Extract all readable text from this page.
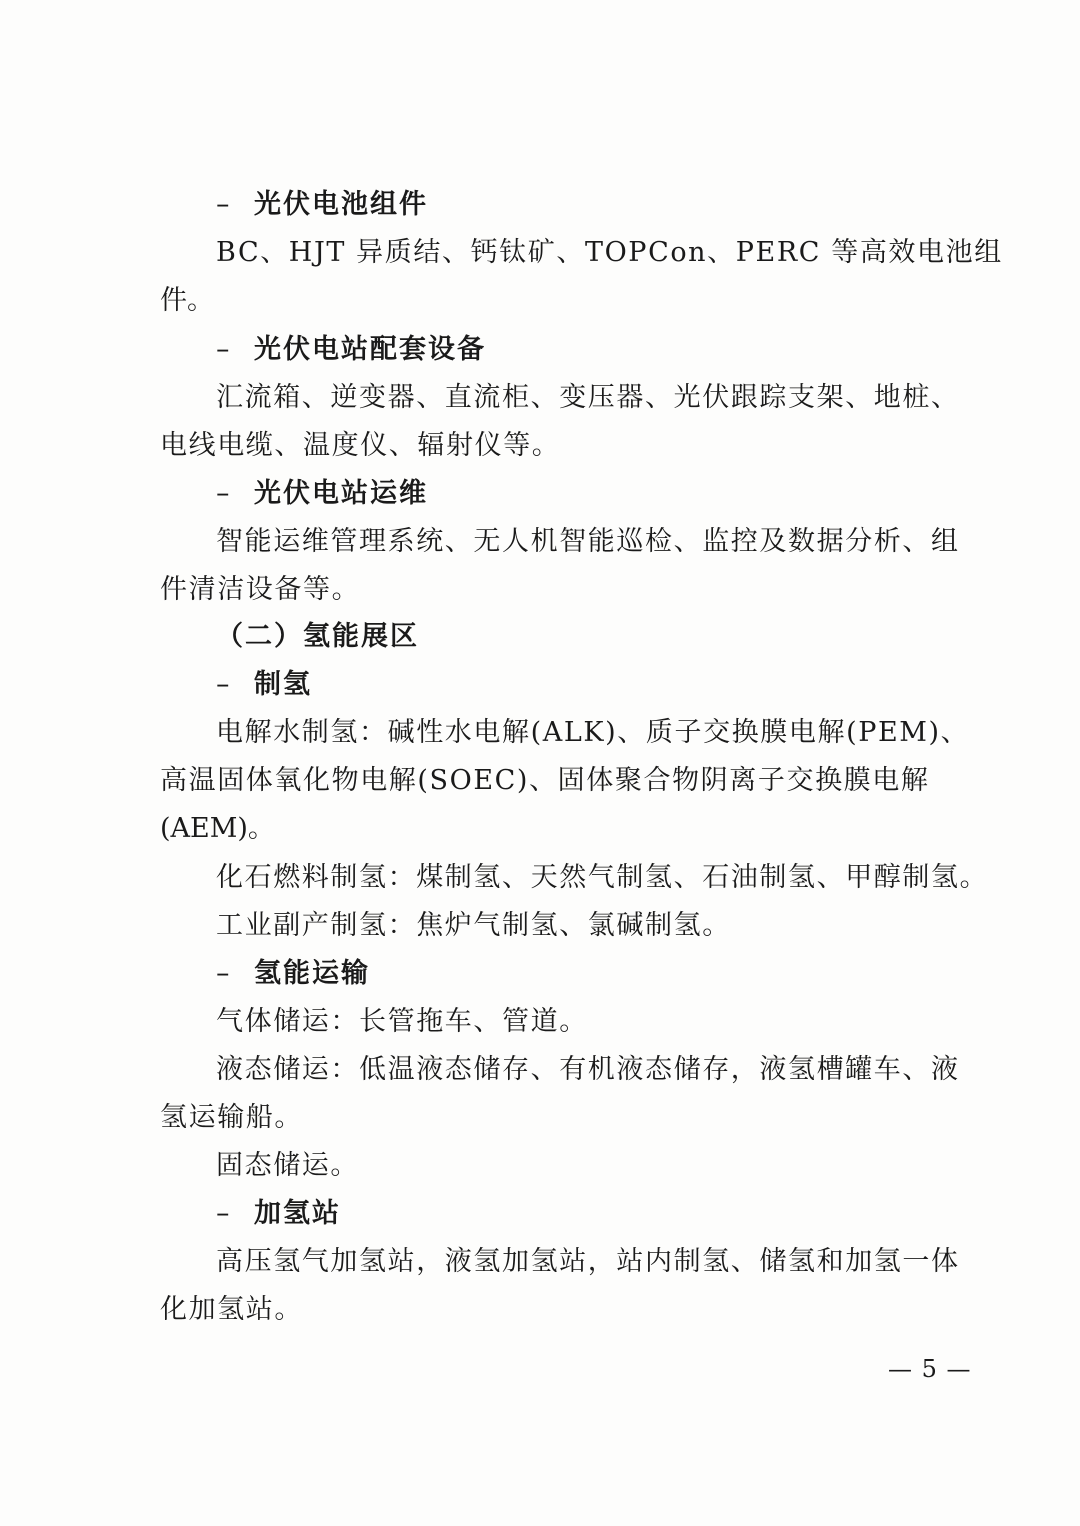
– 光伏电池组件
BC、HJT 异质结、钙钛矿、TOPCon、PERC 等高效电池组
件。
– 光伏电站配套设备
汇流箱、逆变器、直流柜、变压器、光伏跟踪支架、地桩、
电线电缆、温度仪、辐射仪等。
– 光伏电站运维
智能运维管理系统、无人机智能巡检、监控及数据分析、组
件清洁设备等。
（二）氢能展区
– 制氢
电解水制氢：碱性水电解(ALK)、质子交换膜电解(PEM)、
高温固体氧化物电解(SOEC)、固体聚合物阴离子交换膜电解
(AEM)。
化石燃料制氢：煤制氢、天然气制氢、石油制氢、甲醇制氢。
工业副产制氢：焦炉气制氢、氯碱制氢。
– 氢能运输
气体储运：长管拖车、管道。
液态储运：低温液态储存、有机液态储存，液氢槽罐车、液
氢运输船。
固态储运。
– 加氢站
高压氢气加氢站，液氢加氢站，站内制氢、储氢和加氢一体
化加氢站。
— 5 —
